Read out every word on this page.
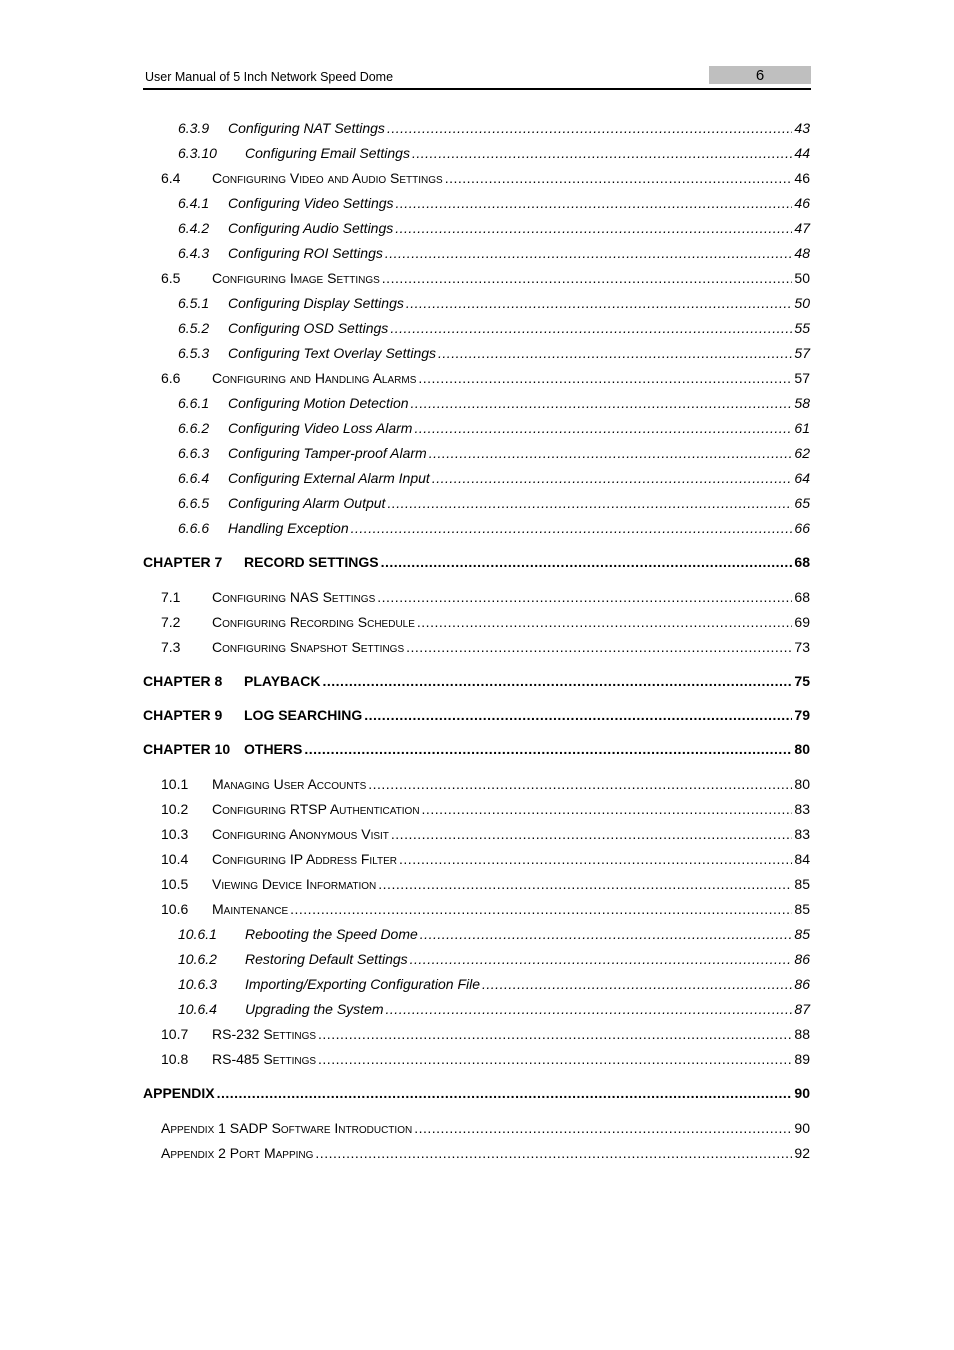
User Manual of 5 Inch Network Speed Dome	6
6.3.9	Configuring NAT Settings .....	43
6.3.10	Configuring Email Settings .....	44
6.4	Configuring Video and Audio Settings .....	46
6.4.1	Configuring Video Settings .....	46
6.4.2	Configuring Audio Settings .....	47
6.4.3	Configuring ROI Settings .....	48
6.5	Configuring Image Settings .....	50
6.5.1	Configuring Display Settings .....	50
6.5.2	Configuring OSD Settings .....	55
6.5.3	Configuring Text Overlay Settings .....	57
6.6	Configuring and Handling Alarms .....	57
6.6.1	Configuring Motion Detection .....	58
6.6.2	Configuring Video Loss Alarm .....	61
6.6.3	Configuring Tamper-proof Alarm .....	62
6.6.4	Configuring External Alarm Input .....	64
6.6.5	Configuring Alarm Output .....	65
6.6.6	Handling Exception .....	66
CHAPTER 7	RECORD SETTINGS .....	68
7.1	Configuring NAS Settings .....	68
7.2	Configuring Recording Schedule .....	69
7.3	Configuring Snapshot Settings .....	73
CHAPTER 8	PLAYBACK .....	75
CHAPTER 9	LOG SEARCHING .....	79
CHAPTER 10 OTHERS .....	80
10.1	Managing User Accounts .....	80
10.2	Configuring RTSP Authentication .....	83
10.3	Configuring Anonymous Visit .....	83
10.4	Configuring IP Address Filter .....	84
10.5	Viewing Device Information .....	85
10.6	Maintenance .....	85
10.6.1	Rebooting the Speed Dome .....	85
10.6.2	Restoring Default Settings .....	86
10.6.3	Importing/Exporting Configuration File .....	86
10.6.4	Upgrading the System .....	87
10.7	RS-232 Settings .....	88
10.8	RS-485 Settings .....	89
APPENDIX .....	90
Appendix 1 SADP Software Introduction .....	90
Appendix 2 Port Mapping .....	92
